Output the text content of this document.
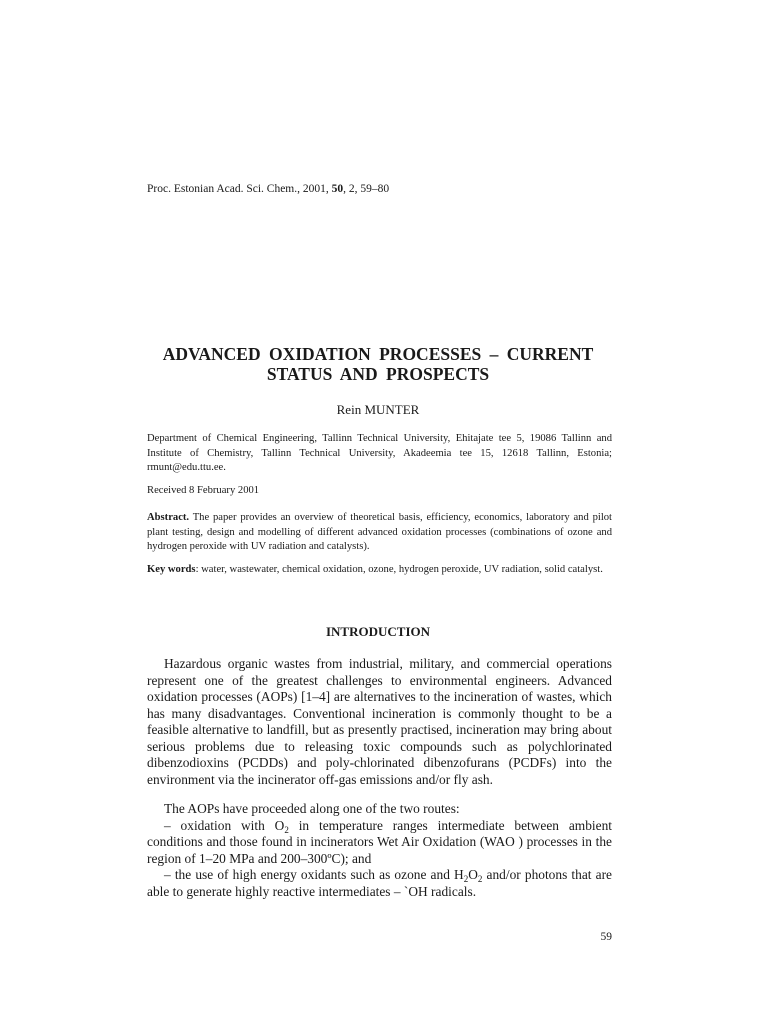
Proc. Estonian Acad. Sci. Chem., 2001, 50, 2, 59–80
ADVANCED OXIDATION PROCESSES – CURRENT
STATUS AND PROSPECTS
Rein MUNTER
Department of Chemical Engineering, Tallinn Technical University, Ehitajate tee 5, 19086 Tallinn and Institute of Chemistry, Tallinn Technical University, Akadeemia tee 15, 12618 Tallinn, Estonia; rmunt@edu.ttu.ee.
Received 8 February 2001
Abstract. The paper provides an overview of theoretical basis, efficiency, economics, laboratory and pilot plant testing, design and modelling of different advanced oxidation processes (combinations of ozone and hydrogen peroxide with UV radiation and catalysts).
Key words: water, wastewater, chemical oxidation, ozone, hydrogen peroxide, UV radiation, solid catalyst.
INTRODUCTION

Hazardous organic wastes from industrial, military, and commercial operations represent one of the greatest challenges to environmental engineers. Advanced oxidation processes (AOPs) [1–4] are alternatives to the incineration of wastes, which has many disadvantages. Conventional incineration is commonly thought to be a feasible alternative to landfill, but as presently practised, incineration may bring about serious problems due to releasing toxic compounds such as polychlorinated dibenzodioxins (PCDDs) and poly-chlorinated dibenzofurans (PCDFs) into the environment via the incinerator off-gas emissions and/or fly ash.

The AOPs have proceeded along one of the two routes:

– oxidation with $O_2$ in temperature ranges intermediate between ambient conditions and those found in incinerators Wet Air Oxidation (WAO ) processes in the region of 1–20 MPa and 200–300ºC); and

– the use of high energy oxidants such as ozone and $H_2O_2$ and/or photons that are able to generate highly reactive intermediates – `OH radicals.

59
